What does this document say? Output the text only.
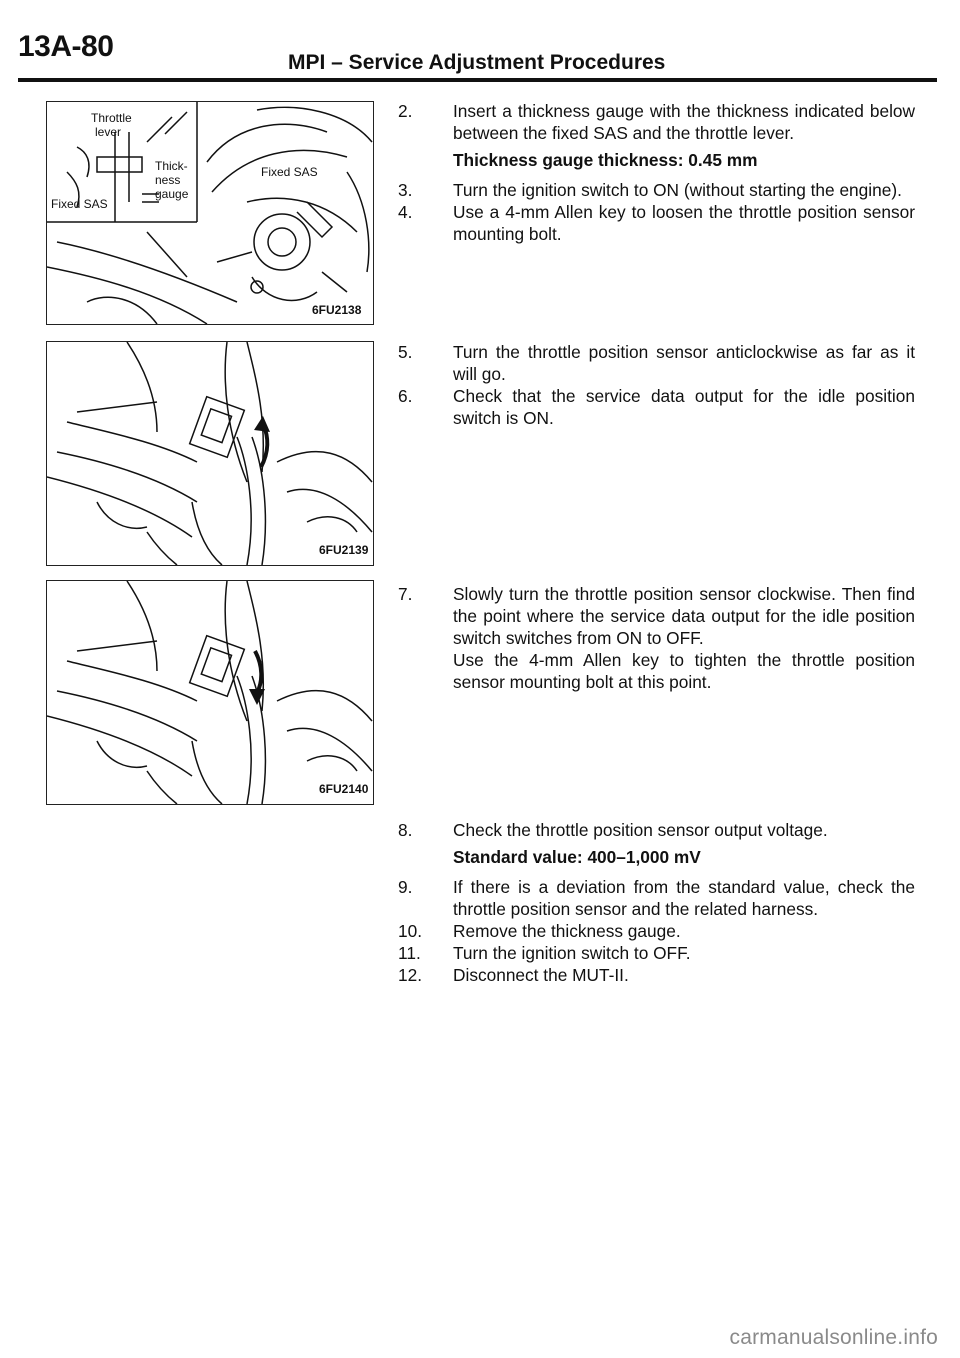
13A-80	MPI – Service Adjustment Procedures
Throttle
lever
Thick-
ness
gauge
Fixed SAS
Fixed SAS
6FU2138
6FU2139
6FU2140
2.	Insert a thickness gauge with the thickness indicated below between the fixed SAS and the throttle lever.
Thickness gauge thickness: 0.45 mm
3.	Turn the ignition switch to ON (without starting the engine).
4.	Use a 4-mm Allen key to loosen the throttle position sensor mounting bolt.
5.	Turn the throttle position sensor anticlockwise as far as it will go.
6.	Check that the service data output for the idle position switch is ON.
7.	Slowly turn the throttle position sensor clockwise. Then find the point where the service data output for the idle position switch switches from ON to OFF.
Use the 4-mm Allen key to tighten the throttle position sensor mounting bolt at this point.
8.	Check the throttle position sensor output voltage.
Standard value: 400–1,000 mV
9.	If there is a deviation from the standard value, check the throttle position sensor and the related harness.
10.	Remove the thickness gauge.
11.	Turn the ignition switch to OFF.
12.	Disconnect the MUT-II.
carmanualsonline.info
